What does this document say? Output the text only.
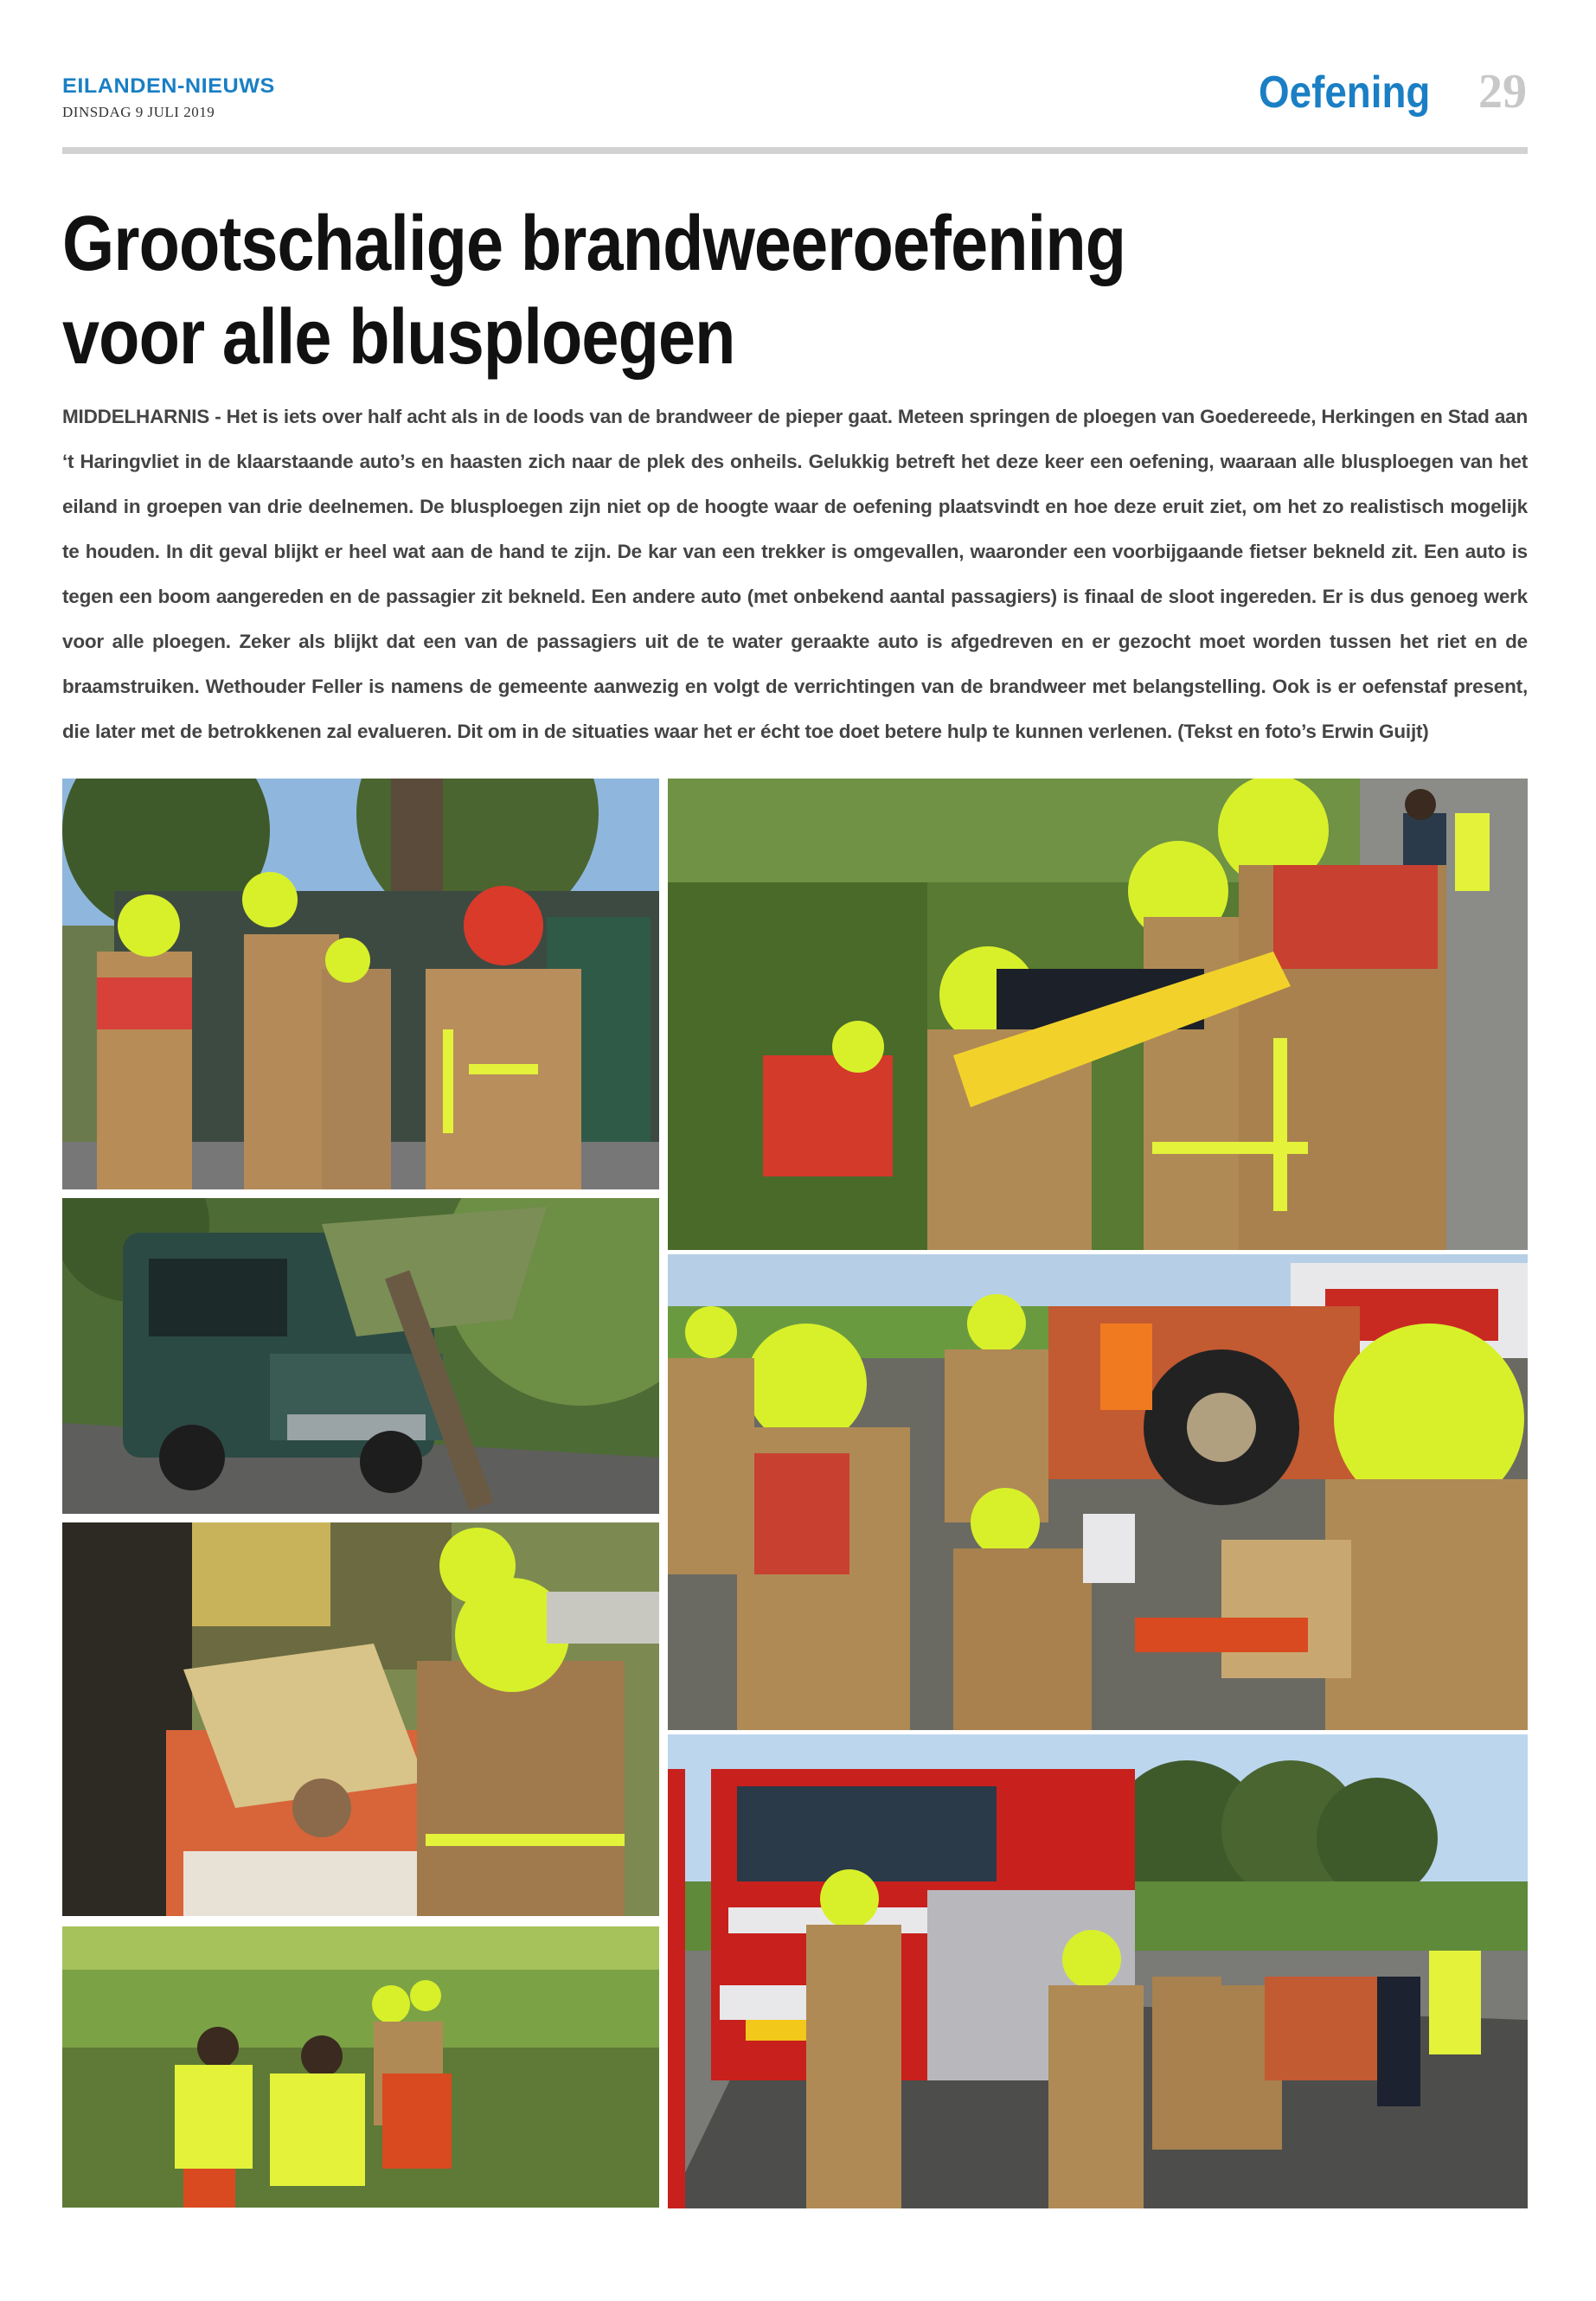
EILANDEN-NIEUWS
DINSDAG 9 JULI 2019	Oefening 29
Grootschalige brandweeroefening
voor alle blusploegen
MIDDELHARNIS - Het is iets over half acht als in de loods van de brandweer de pieper gaat. Meteen springen de ploegen van Goedereede, Herkingen en Stad aan ‘t Haringvliet in de klaarstaande auto’s en haasten zich naar de plek des onheils. Gelukkig betreft het deze keer een oefening, waaraan alle blusploegen van het eiland in groepen van drie deelnemen. De blusploegen zijn niet op de hoogte waar de oefening plaatsvindt en hoe deze eruit ziet, om het zo realistisch mogelijk te houden. In dit geval blijkt er heel wat aan de hand te zijn. De kar van een trekker is omgevallen, waaronder een voorbijgaande fietser bekneld zit. Een auto is tegen een boom aangereden en de passagier zit bekneld. Een andere auto (met onbekend aantal passagiers) is finaal de sloot ingereden. Er is dus genoeg werk voor alle ploegen. Zeker als blijkt dat een van de passagiers uit de te water geraakte auto is afgedreven en er gezocht moet worden tussen het riet en de braamstruiken. Wethouder Feller is namens de gemeente aanwezig en volgt de verrichtingen van de brandweer met belangstelling. Ook is er oefenstaf present, die later met de betrokkenen zal evalueren. Dit om in de situaties waar het er écht toe doet betere hulp te kunnen verlenen. (Tekst en foto’s Erwin Guijt)
